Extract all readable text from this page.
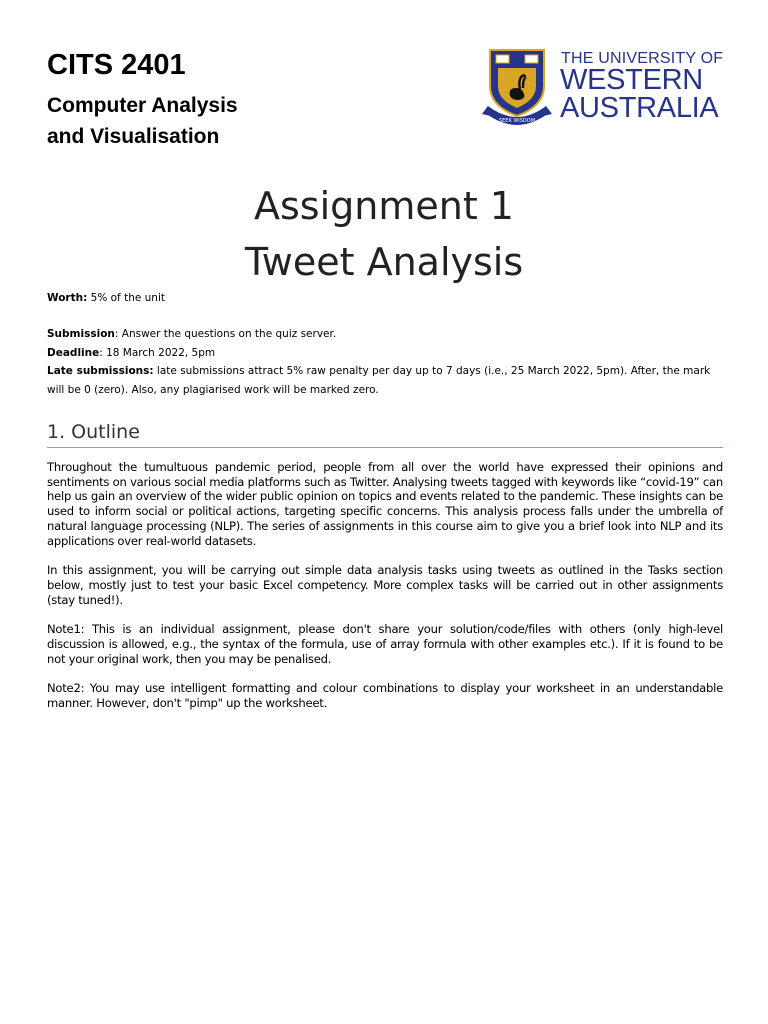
CITS 2401
Computer Analysis
and Visualisation
SEEK WISDOM
THE UNIVERSITY OF
WESTERN
AUSTRALIA
Assignment 1
Tweet Analysis

Worth: 5% of the unit

Submission: Answer the questions on the quiz server.

Deadline: 18 March 2022, 5pm

Late submissions: late submissions attract 5% raw penalty per day up to 7 days (i.e., 25 March 2022, 5pm). After, the mark will be 0 (zero). Also, any plagiarised work will be marked zero.

1. Outline

Throughout the tumultuous pandemic period, people from all over the world have expressed their opinions and sentiments on various social media platforms such as Twitter. Analysing tweets tagged with keywords like “covid-19” can help us gain an overview of the wider public opinion on topics and events related to the pandemic. These insights can be used to inform social or political actions, targeting specific concerns. This analysis process falls under the umbrella of natural language processing (NLP). The series of assignments in this course aim to give you a brief look into NLP and its applications over real-world datasets.

In this assignment, you will be carrying out simple data analysis tasks using tweets as outlined in the Tasks section below, mostly just to test your basic Excel competency. More complex tasks will be carried out in other assignments (stay tuned!).

Note1: This is an individual assignment, please don't share your solution/code/files with others (only high-level discussion is allowed, e.g., the syntax of the formula, use of array formula with other examples etc.). If it is found to be not your original work, then you may be penalised.

Note2: You may use intelligent formatting and colour combinations to display your worksheet in an understandable manner. However, don't "pimp" up the worksheet.
